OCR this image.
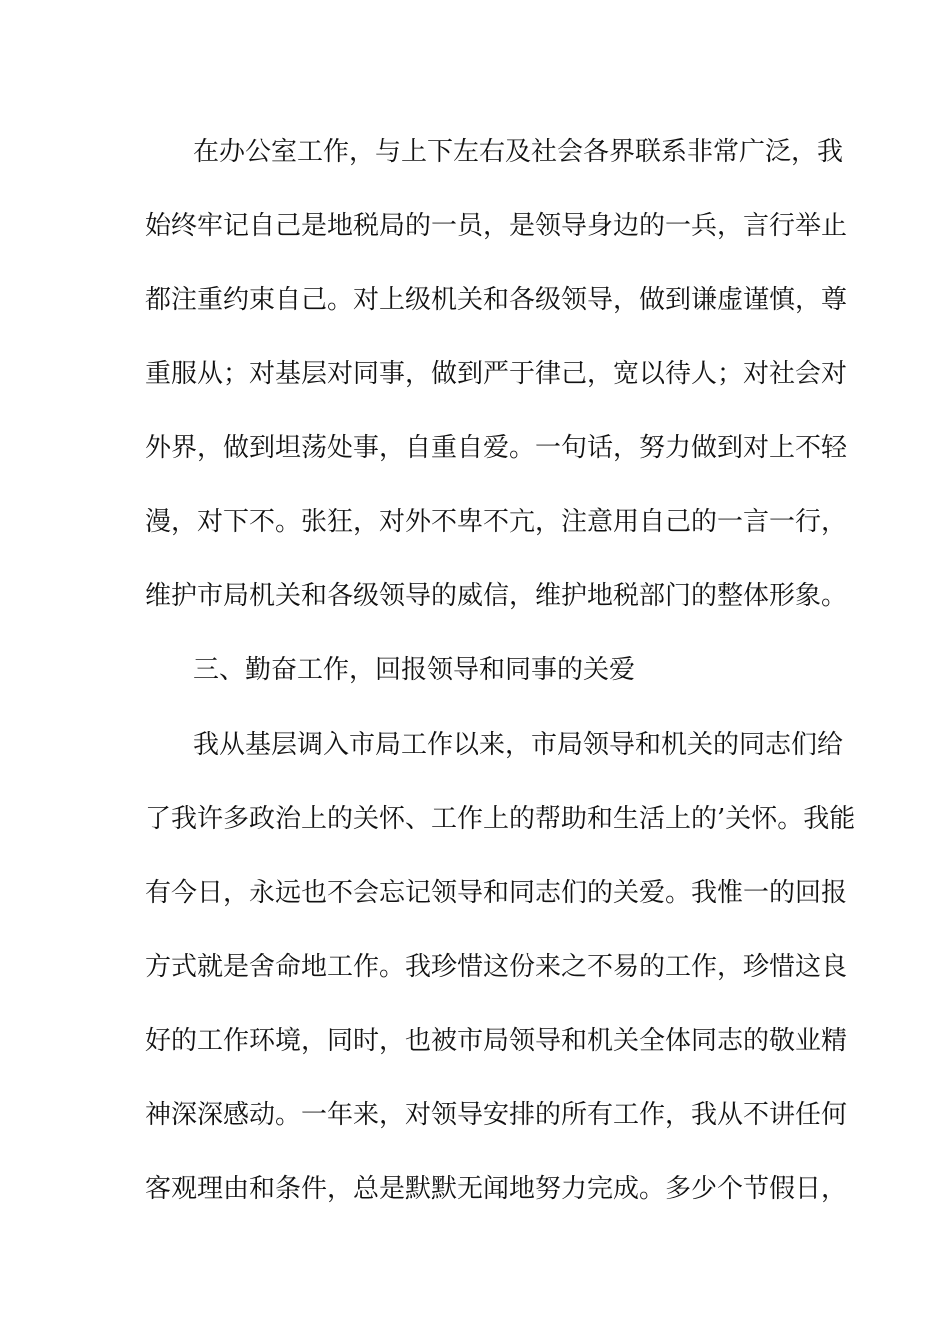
在办公室工作，与上下左右及社会各界联系非常广泛，我
始终牢记自己是地税局的一员，是领导身边的一兵，言行举止
都注重约束自己。对上级机关和各级领导，做到谦虚谨慎，尊
重服从；对基层对同事，做到严于律己，宽以待人；对社会对
外界，做到坦荡处事，自重自爱。一句话，努力做到对上不轻
漫，对下不。张狂，对外不卑不亢，注意用自己的一言一行，
维护市局机关和各级领导的威信，维护地税部门的整体形象。
三、勤奋工作，回报领导和同事的关爱
我从基层调入市局工作以来，市局领导和机关的同志们给
了我许多政治上的关怀、工作上的帮助和生活上的’关怀。我能
有今日，永远也不会忘记领导和同志们的关爱。我惟一的回报
方式就是舍命地工作。我珍惜这份来之不易的工作，珍惜这良
好的工作环境，同时，也被市局领导和机关全体同志的敬业精
神深深感动。一年来，对领导安排的所有工作，我从不讲任何
客观理由和条件，总是默默无闻地努力完成。多少个节假日，
